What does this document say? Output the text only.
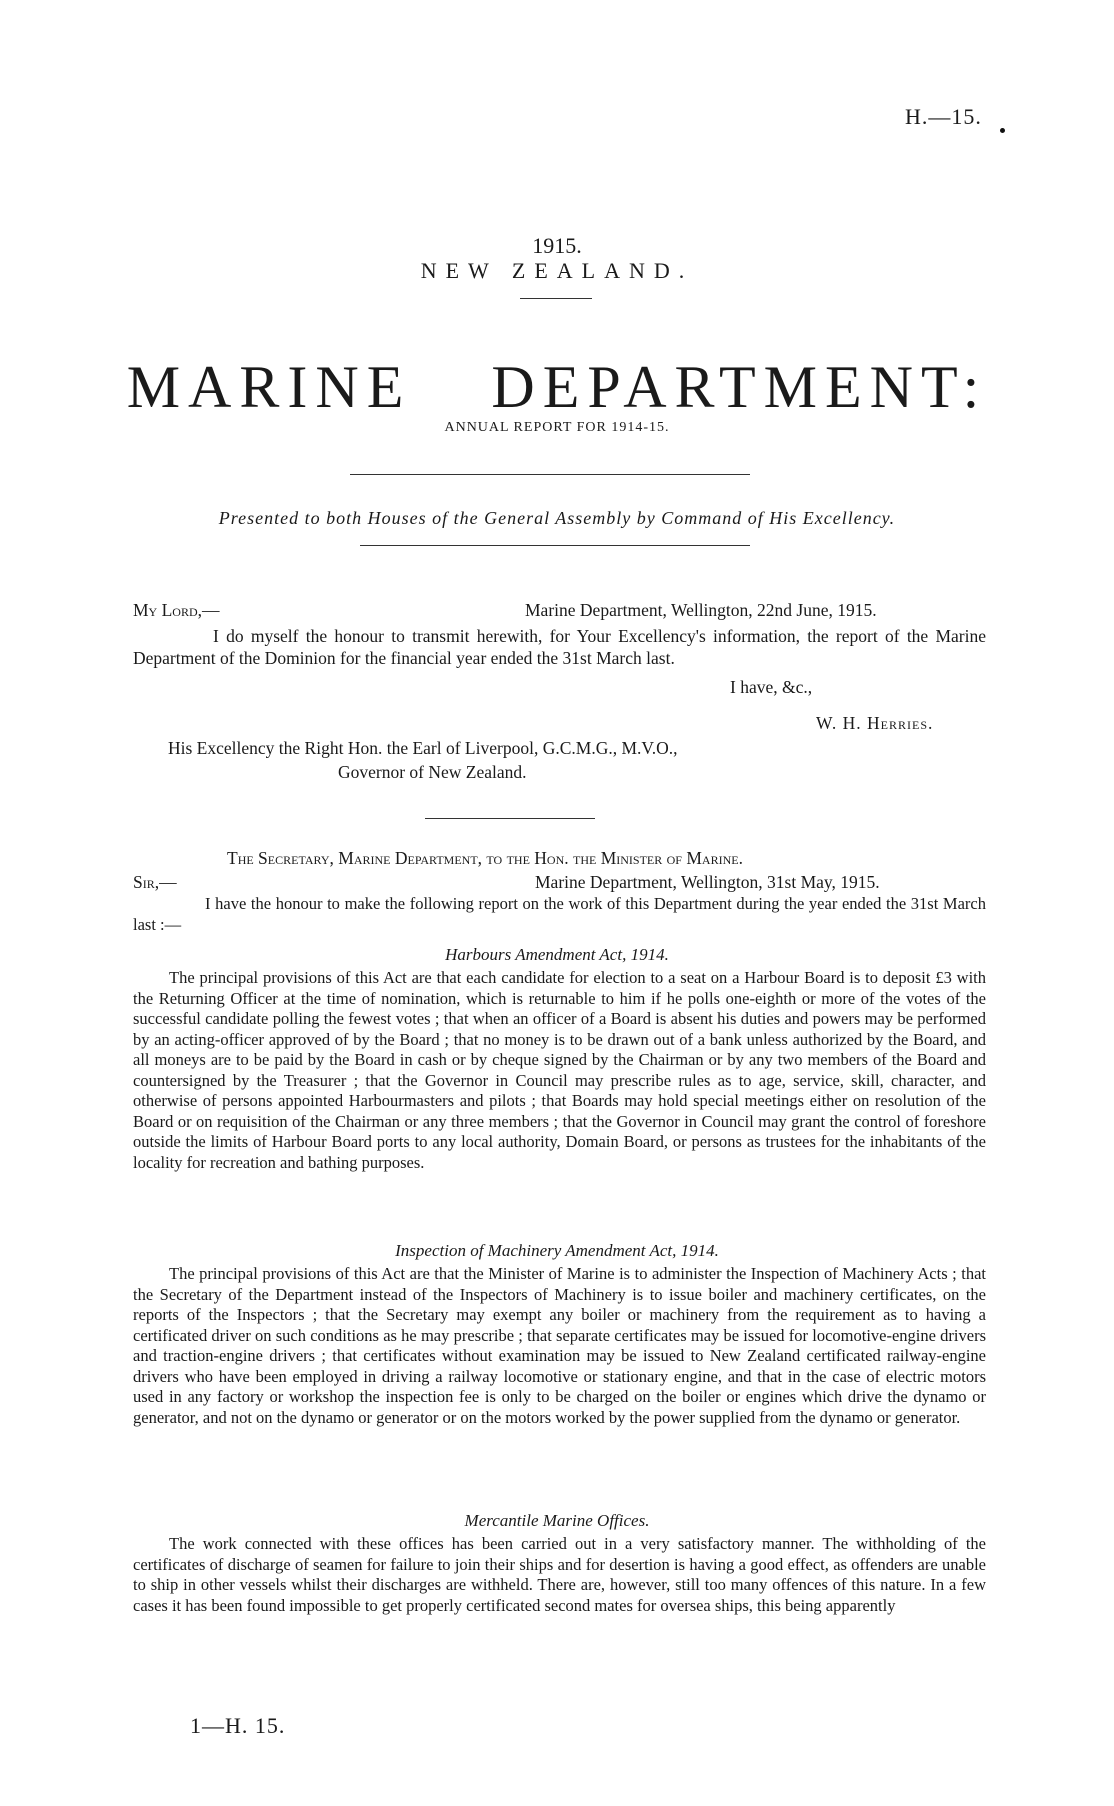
H.—15.
1915.
NEW ZEALAND.
MARINE DEPARTMENT:
ANNUAL REPORT FOR 1914-15.
Presented to both Houses of the General Assembly by Command of His Excellency.
My Lord,—	Marine Department, Wellington, 22nd June, 1915.

I do myself the honour to transmit herewith, for Your Excellency's information, the report of the Marine Department of the Dominion for the financial year ended the 31st March last.

I have, &c.,
W. H. Herries.
His Excellency the Right Hon. the Earl of Liverpool, G.C.M.G., M.V.O.,
Governor of New Zealand.
The Secretary, Marine Department, to the Hon. the Minister of Marine.
Sir,—	Marine Department, Wellington, 31st May, 1915.

I have the honour to make the following report on the work of this Department during the year ended the 31st March last :—

Harbours Amendment Act, 1914.

The principal provisions of this Act are that each candidate for election to a seat on a Harbour Board is to deposit £3 with the Returning Officer at the time of nomination, which is returnable to him if he polls one-eighth or more of the votes of the successful candidate polling the fewest votes ; that when an officer of a Board is absent his duties and powers may be performed by an acting-officer approved of by the Board ; that no money is to be drawn out of a bank unless authorized by the Board, and all moneys are to be paid by the Board in cash or by cheque signed by the Chairman or by any two members of the Board and countersigned by the Treasurer ; that the Governor in Council may prescribe rules as to age, service, skill, character, and otherwise of persons appointed Harbourmasters and pilots ; that Boards may hold special meetings either on resolution of the Board or on requisition of the Chairman or any three members ; that the Governor in Council may grant the control of foreshore outside the limits of Harbour Board ports to any local authority, Domain Board, or persons as trustees for the inhabitants of the locality for recreation and bathing purposes.

Inspection of Machinery Amendment Act, 1914.

The principal provisions of this Act are that the Minister of Marine is to administer the Inspection of Machinery Acts ; that the Secretary of the Department instead of the Inspectors of Machinery is to issue boiler and machinery certificates, on the reports of the Inspectors ; that the Secretary may exempt any boiler or machinery from the requirement as to having a certificated driver on such conditions as he may prescribe ; that separate certificates may be issued for locomotive-engine drivers and traction-engine drivers ; that certificates without examination may be issued to New Zealand certificated railway-engine drivers who have been employed in driving a railway locomotive or stationary engine, and that in the case of electric motors used in any factory or workshop the inspection fee is only to be charged on the boiler or engines which drive the dynamo or generator, and not on the dynamo or generator or on the motors worked by the power supplied from the dynamo or generator.

Mercantile Marine Offices.

The work connected with these offices has been carried out in a very satisfactory manner. The withholding of the certificates of discharge of seamen for failure to join their ships and for desertion is having a good effect, as offenders are unable to ship in other vessels whilst their discharges are withheld. There are, however, still too many offences of this nature. In a few cases it has been found impossible to get properly certificated second mates for oversea ships, this being apparently

1—H. 15.
